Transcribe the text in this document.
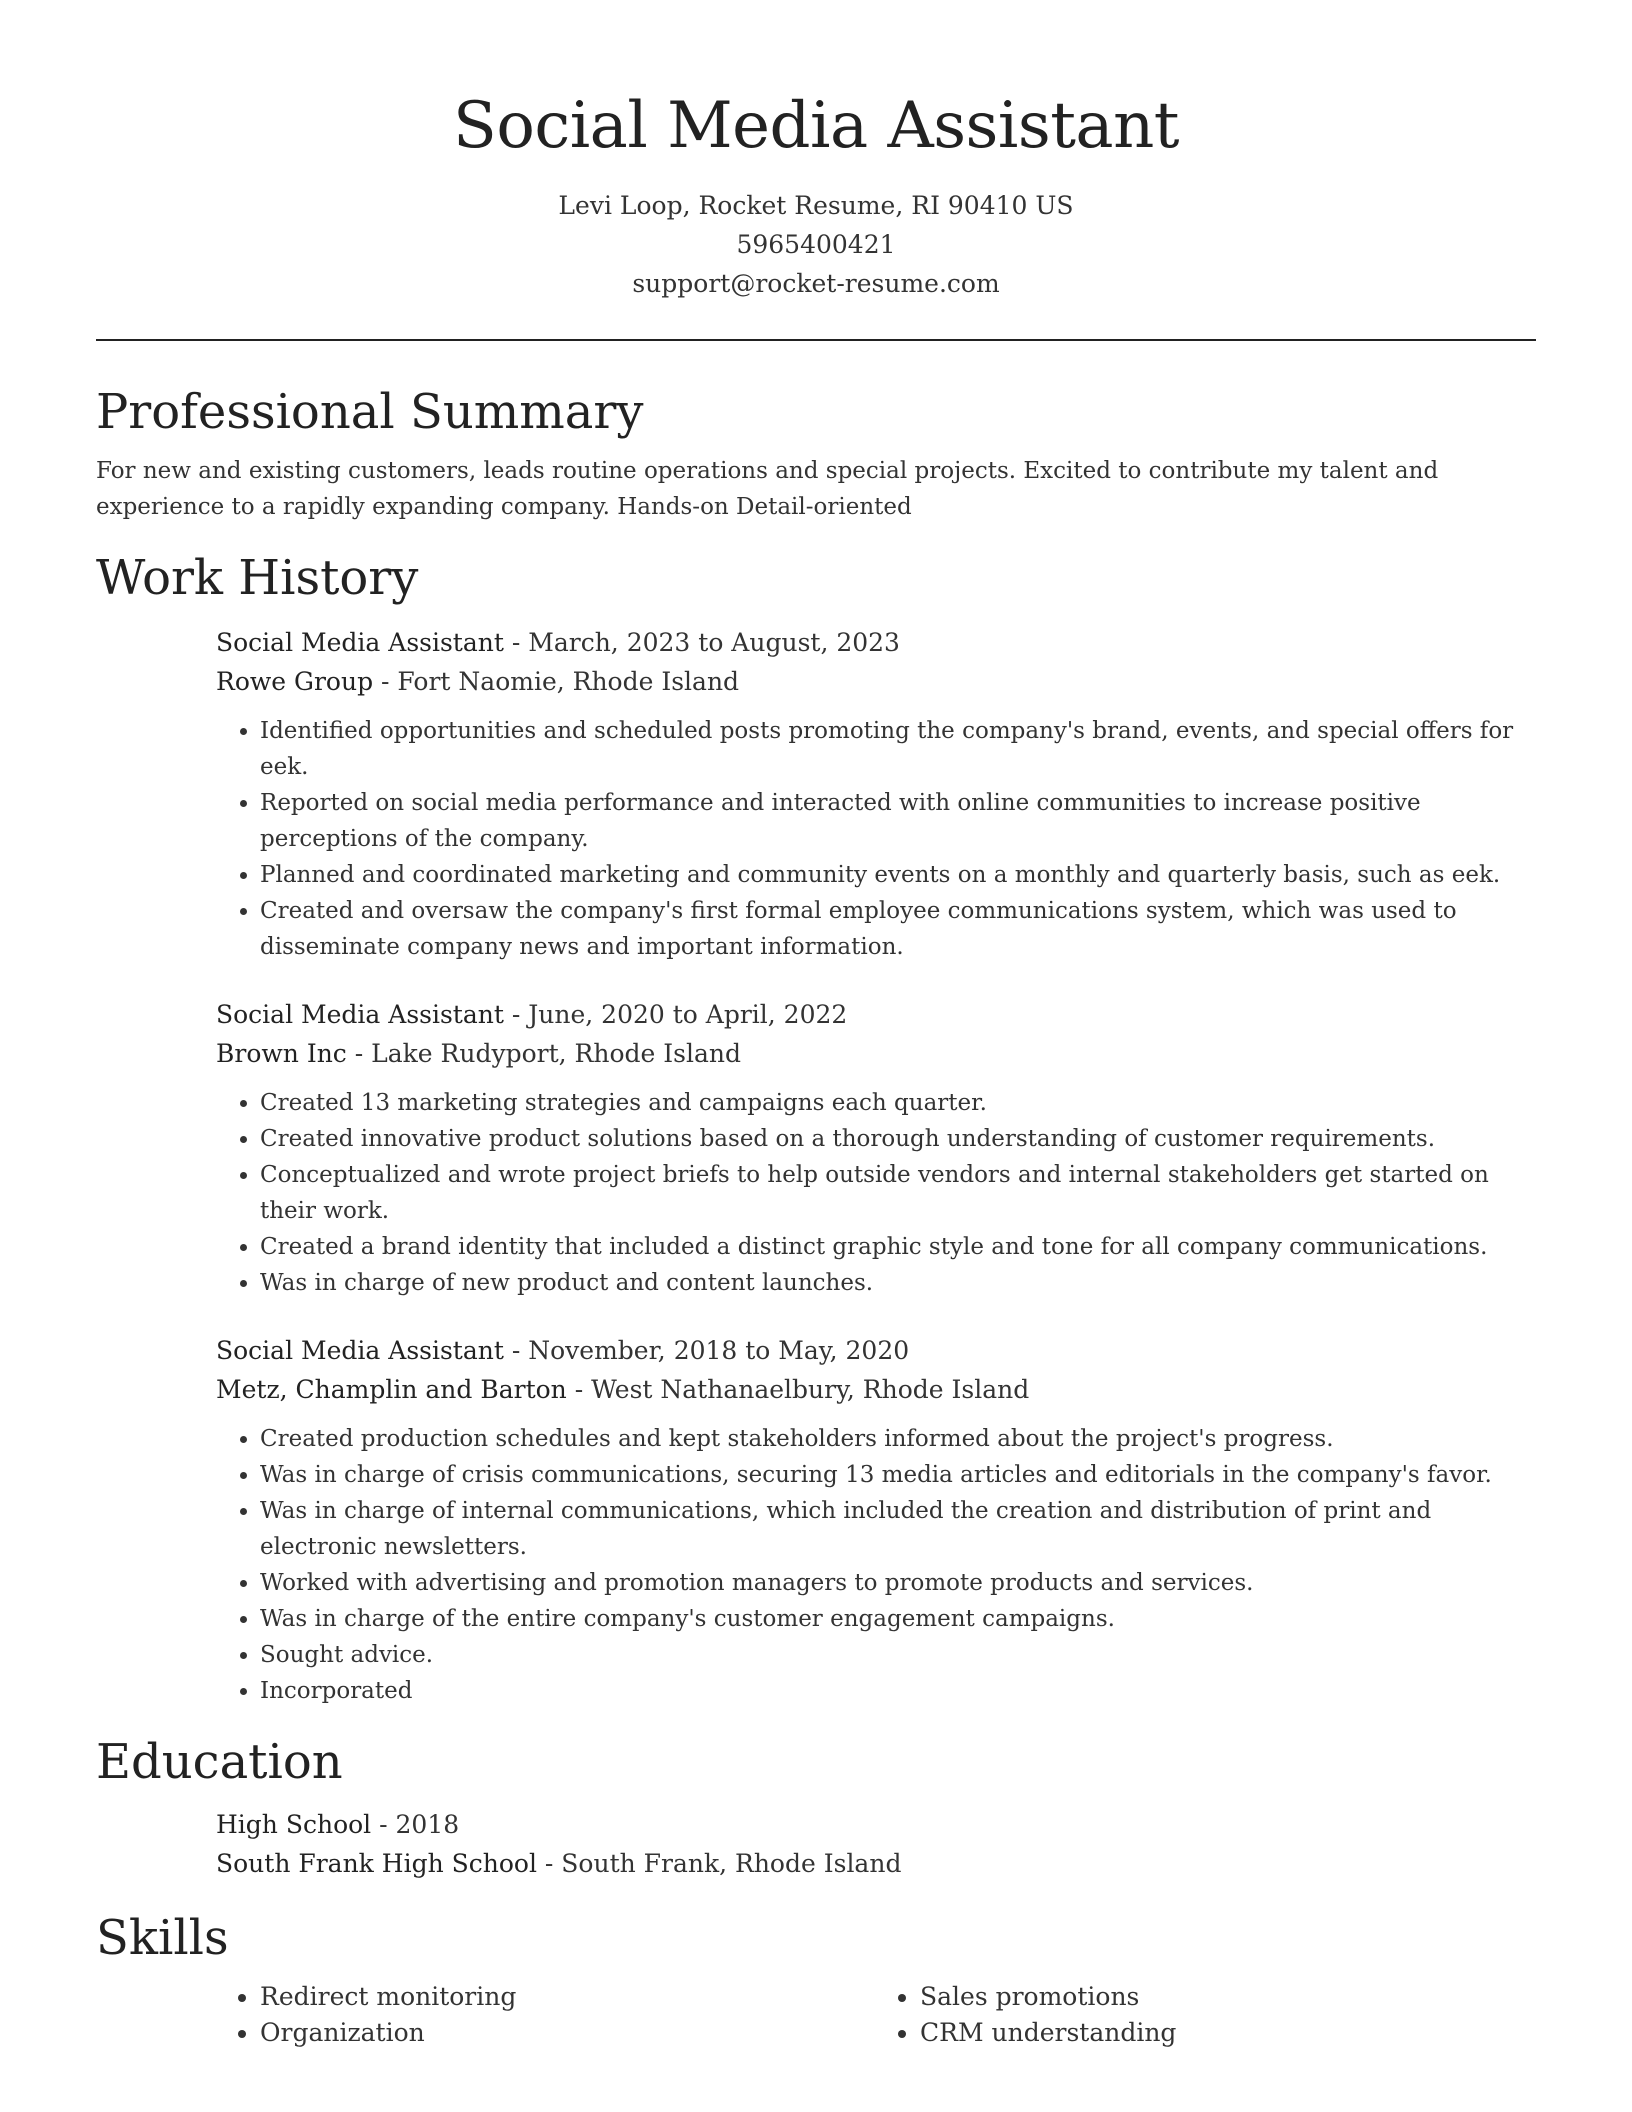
Social Media Assistant
Levi Loop, Rocket Resume, RI 90410 US
5965400421
support@rocket-resume.com
Professional Summary

For new and existing customers, leads routine operations and special projects. Excited to contribute my talent and experience to a rapidly expanding company. Hands-on Detail-oriented

Work History

Social Media Assistant - March, 2023 to August, 2023

Rowe Group - Fort Naomie, Rhode Island

• Identified opportunities and scheduled posts promoting the company's brand, events, and special offers for eek.
• Reported on social media performance and interacted with online communities to increase positive perceptions of the company.
• Planned and coordinated marketing and community events on a monthly and quarterly basis, such as eek.
• Created and oversaw the company's first formal employee communications system, which was used to disseminate company news and important information.

Social Media Assistant - June, 2020 to April, 2022

Brown Inc - Lake Rudyport, Rhode Island

• Created 13 marketing strategies and campaigns each quarter.
• Created innovative product solutions based on a thorough understanding of customer requirements.
• Conceptualized and wrote project briefs to help outside vendors and internal stakeholders get started on their work.
• Created a brand identity that included a distinct graphic style and tone for all company communications.
• Was in charge of new product and content launches.

Social Media Assistant - November, 2018 to May, 2020

Metz, Champlin and Barton - West Nathanaelbury, Rhode Island

• Created production schedules and kept stakeholders informed about the project's progress.
• Was in charge of crisis communications, securing 13 media articles and editorials in the company's favor.
• Was in charge of internal communications, which included the creation and distribution of print and electronic newsletters.
• Worked with advertising and promotion managers to promote products and services.
• Was in charge of the entire company's customer engagement campaigns.
• Sought advice.
• Incorporated
Education

High School - 2018

South Frank High School - South Frank, Rhode Island

Skills
• Redirect monitoring
• Organization
• Sales promotions
• CRM understanding
